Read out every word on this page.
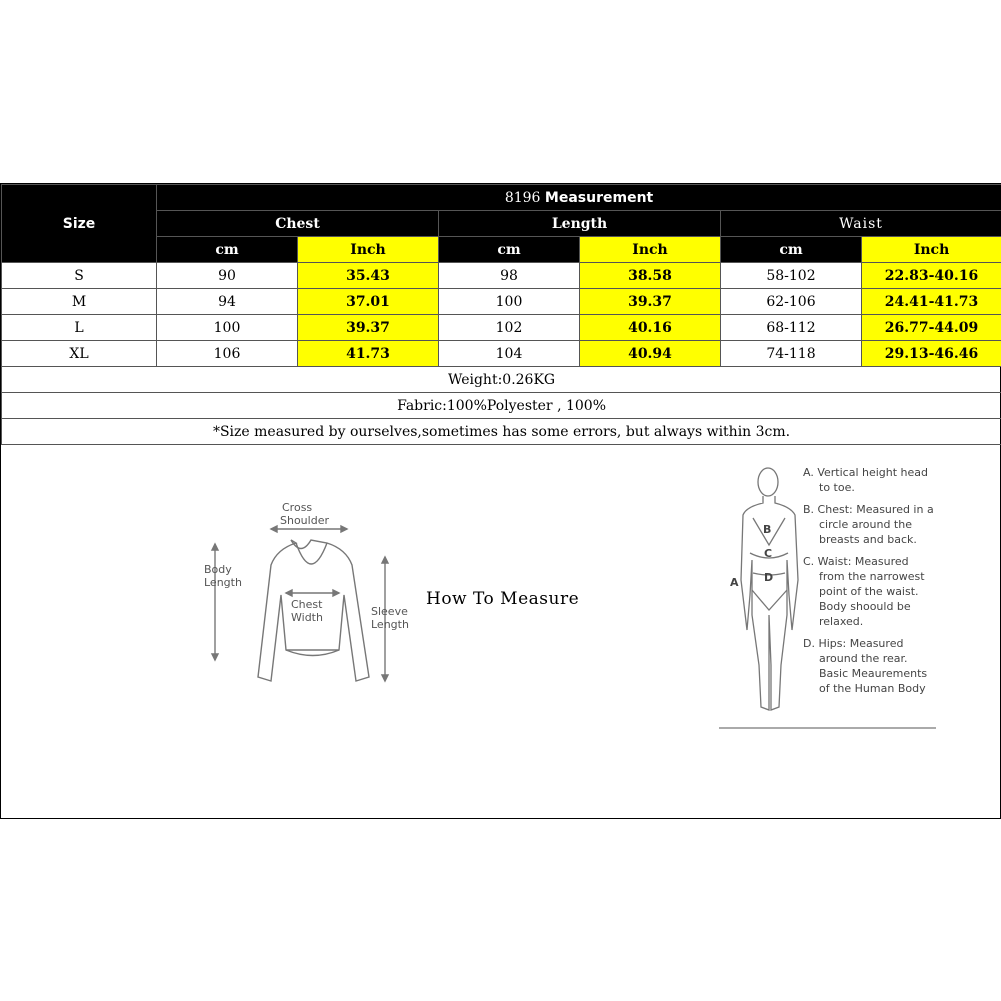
Size	8196 Measurement					
	Chest		Length		Waist	
	cm	Inch	cm	Inch	cm	Inch
S	90	35.43	98	38.58	58-102	22.83-40.16
M	94	37.01	100	39.37	62-106	24.41-41.73
L	100	39.37	102	40.16	68-112	26.77-44.09
XL	106	41.73	104	40.94	74-118	29.13-46.46
Weight:0.26KG						
Fabric:100%Polyester , 100%						
*Size measured by ourselves,sometimes has some errors, but always within 3cm.						
Cross
Shoulder
Body
Length
Chest
Width	Sleeve
Length
B
C
D
A
How To Measure
A. Vertical height head
to toe.
B. Chest: Measured in a
circle around the
breasts and back.
C. Waist: Measured
from the narrowest
point of the waist.
Body shoould be
relaxed.
D. Hips: Measured
around the rear.
Basic Meaurements
of the Human Body
